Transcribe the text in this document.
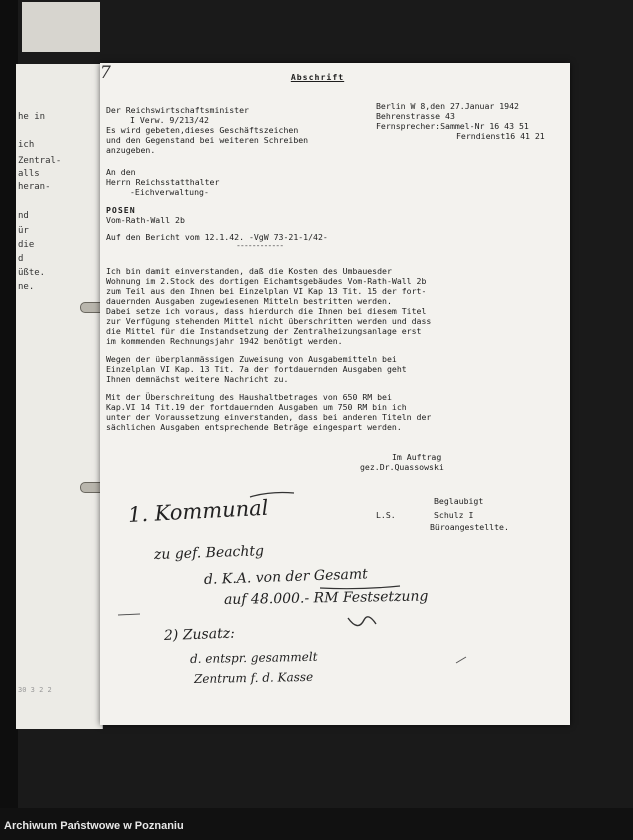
he in
ich
Zentral-
alls
heran-
nd
ür
die
d
üßte.
ne.
30 3 2 2
Abschrift
7
Der Reichswirtschaftsminister
I Verw. 9/213/42
Es wird gebeten,dieses Geschäftszeichen
und den Gegenstand bei weiteren Schreiben
anzugeben.
Berlin W 8,den 27.Januar 1942
Behrenstrasse 43
Fernsprecher:Sammel-Nr 16 43 51
Ferndienst16 41 21
An den
Herrn Reichsstatthalter
-Eichverwaltung-
POSEN
Vom-Rath-Wall 2b
Auf den Bericht vom 12.1.42. -VgW 73-21-1/42-
------------
Ich bin damit einverstanden, daß die Kosten des Umbauesder
Wohnung im 2.Stock des dortigen Eichamtsgebäudes Vom-Rath-Wall 2b
zum Teil aus den Ihnen bei Einzelplan VI Kap 13 Tit. 15 der fort-
dauernden Ausgaben zugewiesenen Mitteln bestritten werden.
Dabei setze ich voraus, dass hierdurch die Ihnen bei diesem Titel
zur Verfügung stehenden Mittel nicht überschritten werden und dass
die Mittel für die Instandsetzung der Zentralheizungsanlage erst
im kommenden Rechnungsjahr 1942 benötigt werden.
Wegen der überplanmässigen Zuweisung von Ausgabemitteln bei
Einzelplan VI Kap. 13 Tit. 7a der fortdauernden Ausgaben geht
Ihnen demnächst weitere Nachricht zu.
Mit der Überschreitung des Haushaltbetrages von 650 RM bei
Kap.VI 14 Tit.19 der fortdauernden Ausgaben um 750 RM bin ich
unter der Voraussetzung einverstanden, dass bei anderen Titeln der
sächlichen Ausgaben entsprechende Beträge eingespart werden.
Im Auftrag
gez.Dr.Quassowski
Beglaubigt
L.S.	Schulz I
Büroangestellte.
1. Kommunal
zu gef. Beachtg
d. K.A. von der Gesamt
auf 48.000.- RM Festsetzung
2) Zusatz:
d. entspr. gesammelt
Zentrum f. d. Kasse
Archiwum Państwowe w Poznaniu
